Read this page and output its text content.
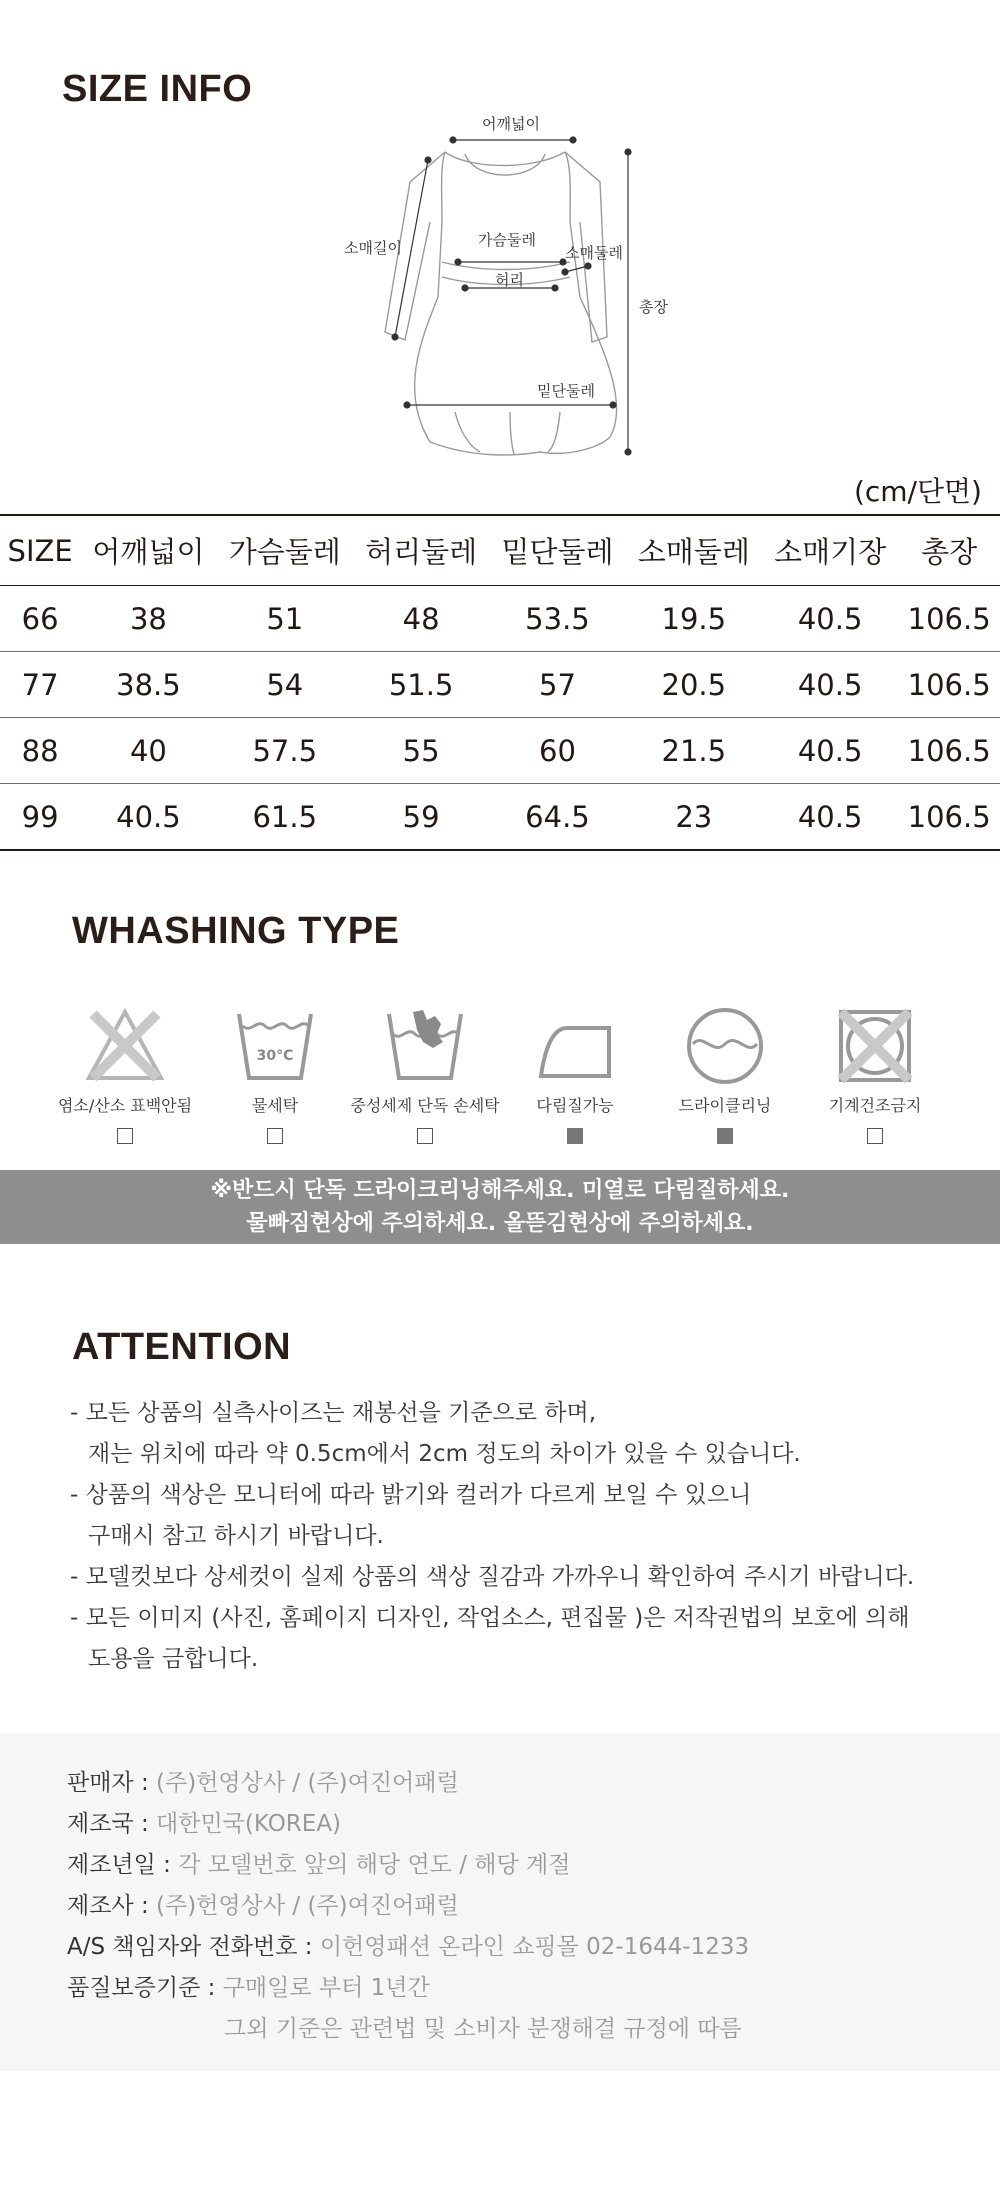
SIZE INFO
어깨넓이
소매길이	가슴둘레
소매둘레
허리
총장
밑단둘레
(cm/단면)
SIZE	어깨넓이	가슴둘레	허리둘레	밑단둘레	소매둘레	소매기장	총장
66	38	51	48	53.5	19.5	40.5	106.5
77	38.5	54	51.5	57	20.5	40.5	106.5
88	40	57.5	55	60	21.5	40.5	106.5
99	40.5	61.5	59	64.5	23	40.5	106.5
WHASHING TYPE
염소/산소 표백안됨
30°C
물세탁	중성세제 단독 손세탁 다림질가능	드라이클리닝	기계건조금지
※반드시 단독 드라이크리닝해주세요. 미열로 다림질하세요.
물빠짐현상에 주의하세요. 올뜯김현상에 주의하세요.
ATTENTION
- 모든 상품의 실측사이즈는 재봉선을 기준으로 하며,
재는 위치에 따라 약 0.5cm에서 2cm 정도의 차이가 있을 수 있습니다.
- 상품의 색상은 모니터에 따라 밝기와 컬러가 다르게 보일 수 있으니
구매시 참고 하시기 바랍니다.
- 모델컷보다 상세컷이 실제 상품의 색상 질감과 가까우니 확인하여 주시기 바랍니다.
- 모든 이미지 (사진, 홈페이지 디자인, 작업소스, 편집물 )은 저작권법의 보호에 의해
도용을 금합니다.
판매자 : (주)헌영상사 / (주)여진어패럴
제조국 : 대한민국(KOREA)
제조년일 : 각 모델번호 앞의 해당 연도 / 해당 계절
제조사 : (주)헌영상사 / (주)여진어패럴
A/S 책임자와 전화번호 : 이헌영패션 온라인 쇼핑몰 02-1644-1233
품질보증기준 : 구매일로 부터 1년간
그외 기준은 관련법 및 소비자 분쟁해결 규정에 따름
